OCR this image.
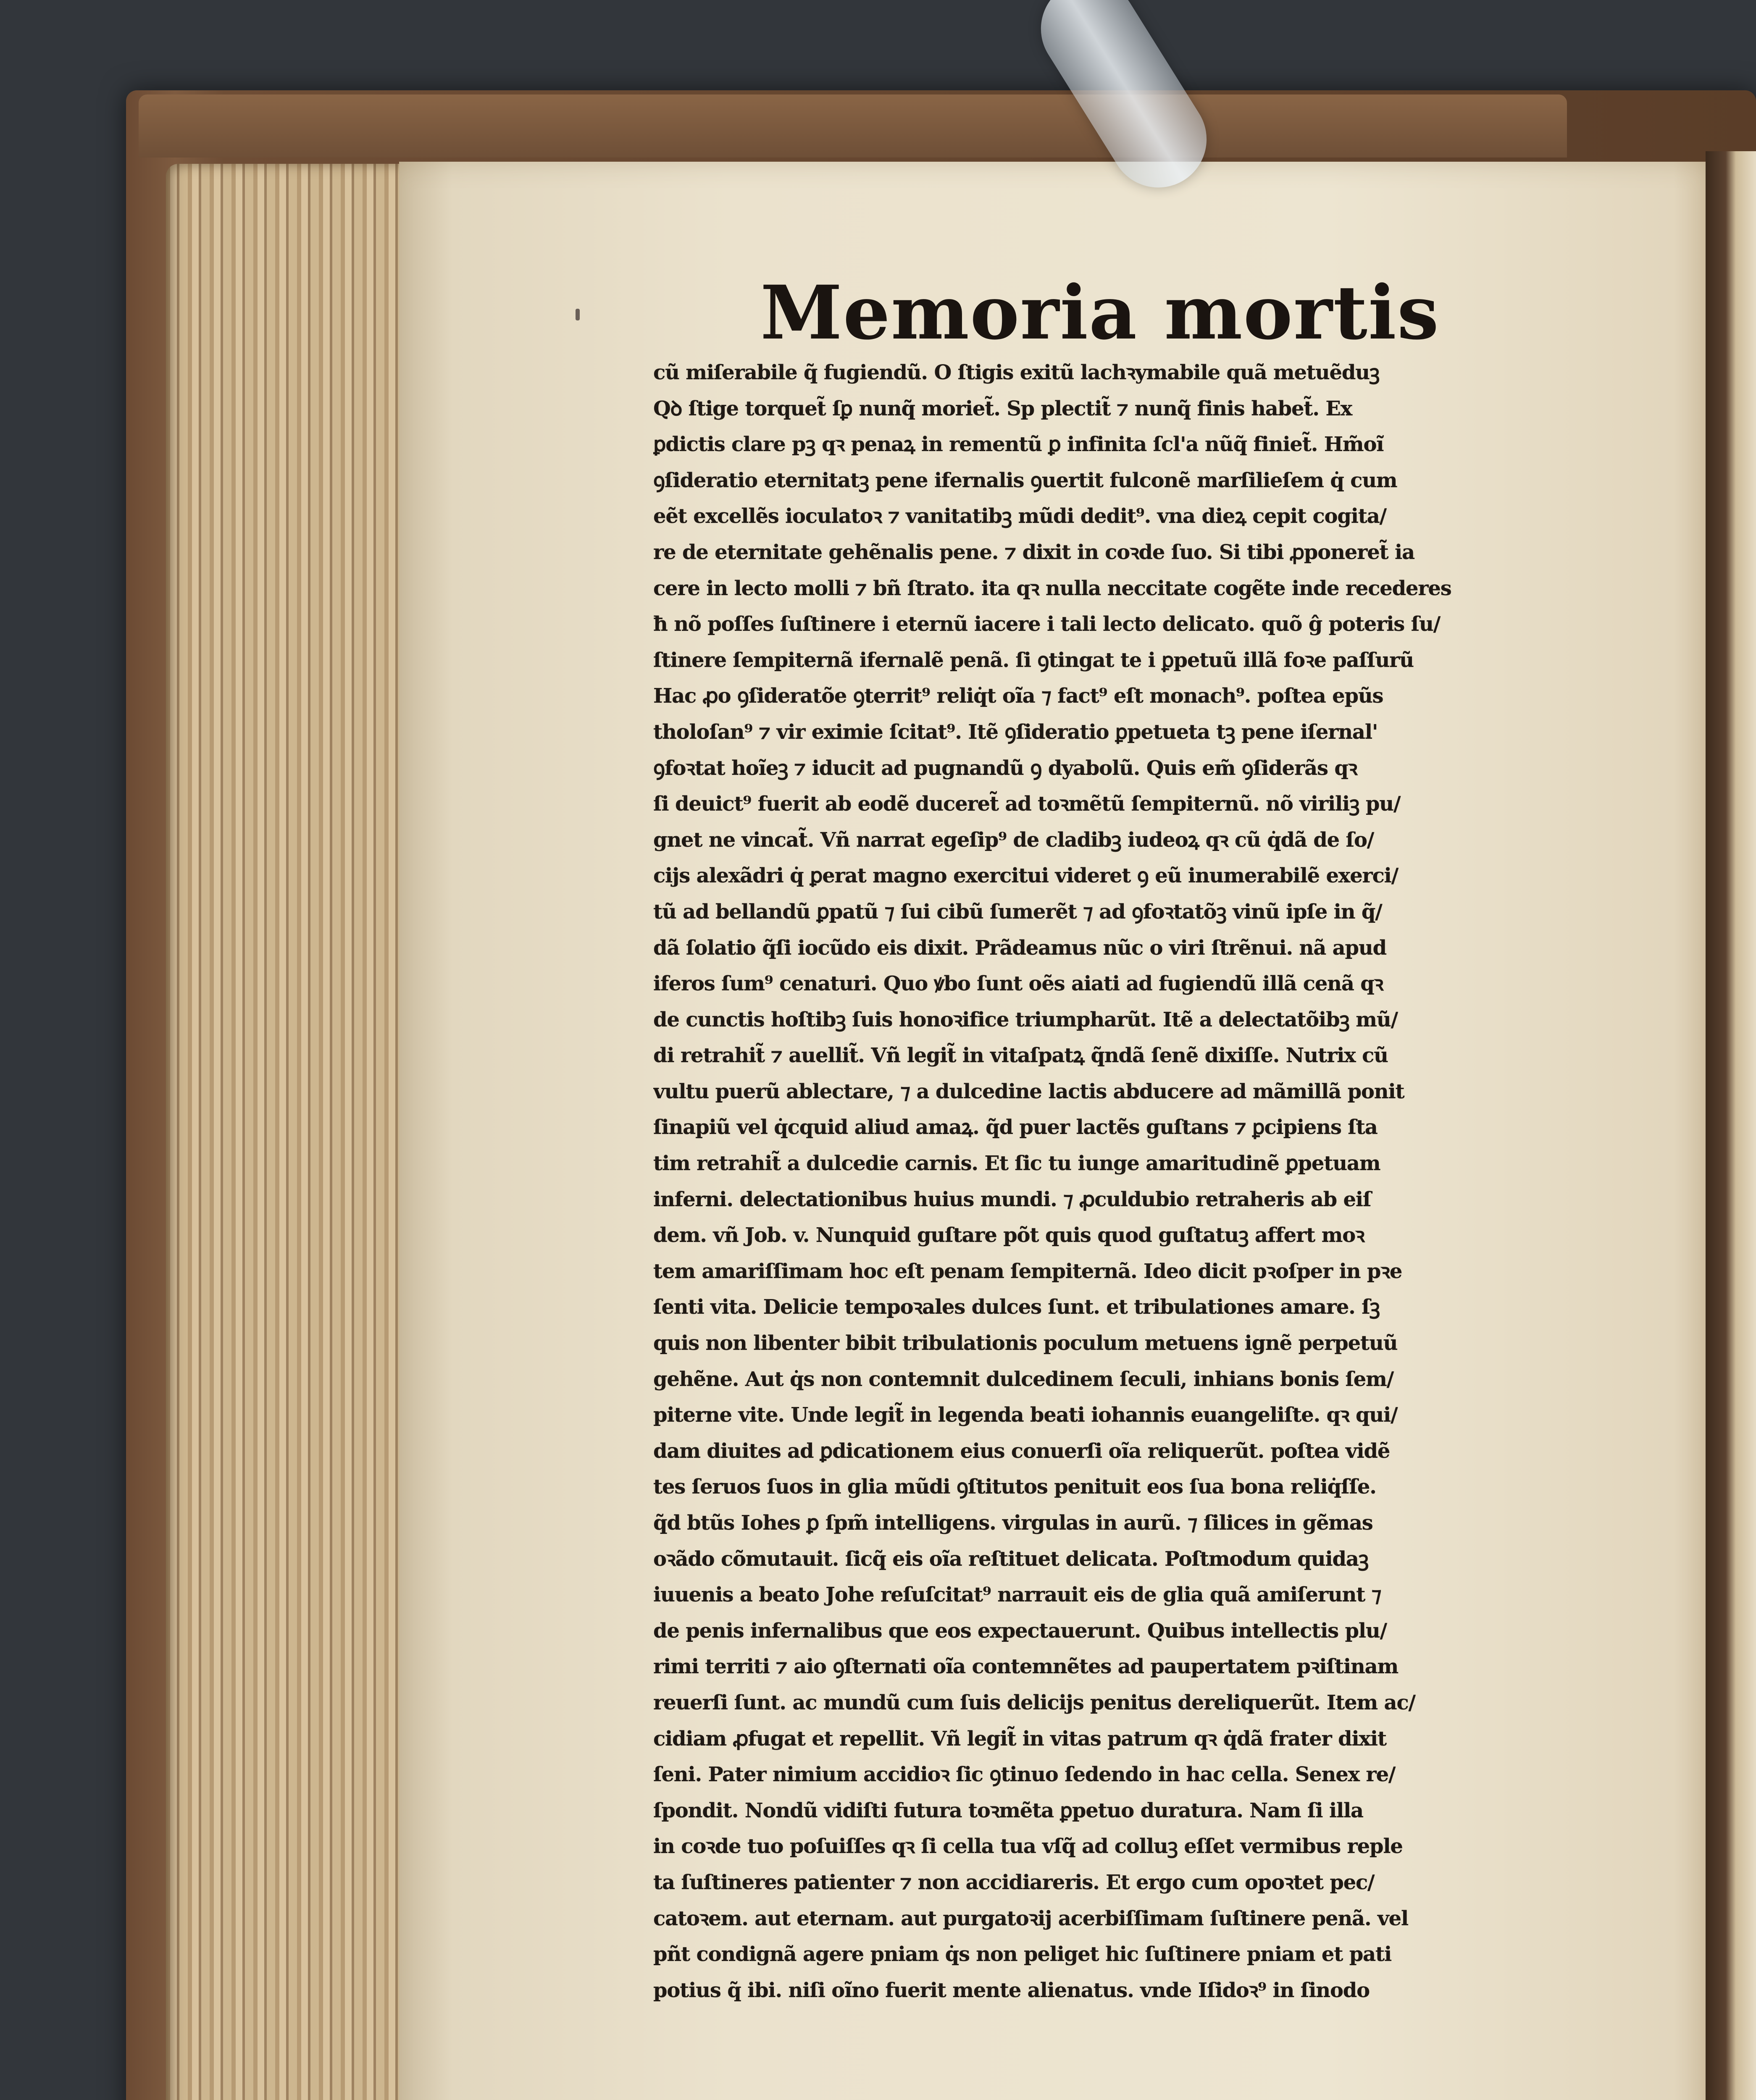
Memoria mortis
cũ miſerabile q̃ fugiendũ. O ſtigis exitũ lachꝛymabile quã metuẽduꝫ
Qꝺ ſtige torquet̃ ſꝑ nunq̃ moriet̃. Sp plectit̃ ⁊ nunq̃ finis habet̃. Ex
ꝑdictis clare pꝫ qꝛ penaꝝ in rementũ ꝑ infinita ſcl'a nũq̃ finiet̃. Hm̃oı̃
ꝯſideratio eternitatꝫ pene ifernalis ꝯuertit fulconẽ marſilieſem q̇ cum
eẽt excellẽs ioculatoꝛ ⁊ vanitatibꝫ mũdi dedit⁹. vna dieꝝ cepit cogita/
re de eternitate gehẽnalis pene. ⁊ dixit in coꝛde ſuo. Si tibi ꝓponeret̃ ia
cere in lecto molli ⁊ bñ ſtrato. ita qꝛ nulla neccitate cogẽte inde recederes
ħ nõ poſſes ſuſtinere i eternũ iacere i tali lecto delicato. quõ ĝ poteris ſu/
ſtinere ſempiternã ifernalẽ penã. ſi ꝯtingat te i ꝑpetuũ illã foꝛe paſſurũ
Hac ꝓo ꝯſideratõe ꝯterrit⁹ reliq̇t oĩa ⁊ fact⁹ eſt monach⁹. poſtea epũs
tholoſan⁹ ⁊ vir eximie ſcitat⁹. Itẽ ꝯſideratio ꝑpetueta tꝫ pene iſernal'
ꝯfoꝛtat hoĩeꝫ ⁊ iducit ad pugnandũ ꝯ dyabolũ. Quis em̃ ꝯſiderãs qꝛ
ſi deuict⁹ fuerit ab eodẽ duceret̃ ad toꝛmẽtũ ſempiternũ. nõ viriliꝫ pu/
gnet ne vincat̃. Vñ narrat egeſip⁹ de cladibꝫ iudeoꝝ qꝛ cũ q̇dã de ſo/
cijs alexãdri q̇ ꝑerat magno exercitui videret ꝯ eũ inumerabilẽ exerci/
tũ ad bellandũ ꝑpatũ ⁊ ſui cibũ ſumerẽt ⁊ ad ꝯfoꝛtatõꝫ vinũ ipſe in q̃/
dã ſolatio q̃ſi iocũdo eis dixit. Prãdeamus nũc o viri ſtrẽnui. nã apud
iferos ſum⁹ cenaturi. Quo ꝟbo ſunt oẽs aiati ad fugiendũ illã cenã qꝛ
de cunctis hoſtibꝫ ſuis honoꝛifice triumpharũt. Itẽ a delectatõibꝫ mũ/
di retrahit̃ ⁊ auellit̃. Vñ legit̃ in vitaſpatꝝ q̃ndã ſenẽ dixiſſe. Nutrix cũ
vultu puerũ ablectare, ⁊ a dulcedine lactis abducere ad mãmillã ponit
ſinapiũ vel q̇cquid aliud amaꝝ. q̃d puer lactẽs guſtans ⁊ ꝑcipiens ſta
tim retrahit̃ a dulcedie carnis. Et ſic tu iunge amaritudinẽ ꝑpetuam
inferni. delectationibus huius mundi. ⁊ ꝓculdubio retraheris ab eiſ
dem. vñ Job. v. Nunquid guſtare põt quis quod guſtatuꝫ affert moꝛ
tem amariſſimam hoc eſt penam ſempiternã. Ideo dicit pꝛoſper in pꝛe
ſenti vita. Delicie tempoꝛales dulces ſunt. et tribulationes amare. ſꝫ
quis non libenter bibit tribulationis poculum metuens ignẽ perpetuũ
gehẽne. Aut q̇s non contemnit dulcedinem ſeculi, inhians bonis ſem/
piterne vite. Unde legit̃ in legenda beati iohannis euangeliſte. qꝛ qui/
dam diuites ad ꝑdicationem eius conuerſi oĩa reliquerũt. poſtea vidẽ
tes ſeruos ſuos in glia mũdi ꝯſtitutos penituit eos ſua bona reliq̇ſſe.
q̃d btũs Iohes ꝑ ſpm̃ intelligens. virgulas in aurũ. ⁊ ſilices in gẽmas
oꝛãdo cõmutauit. ſicq̃ eis oĩa reſtituet delicata. Poſtmodum quidaꝫ
iuuenis a beato Johe reſuſcitat⁹ narrauit eis de glia quã amiſerunt ⁊
de penis infernalibus que eos expectauerunt. Quibus intellectis plu/
rimi territi ⁊ aio ꝯſternati oĩa contemnẽtes ad paupertatem pꝛiſtinam
reuerſi ſunt. ac mundũ cum ſuis delicijs penitus dereliquerũt. Item ac/
cidiam ꝓfugat et repellit. Vñ legit̃ in vitas patrum qꝛ q̇dã frater dixit
ſeni. Pater nimium accidioꝛ ſic ꝯtinuo ſedendo in hac cella. Senex re/
ſpondit. Nondũ vidiſti futura toꝛmẽta ꝑpetuo duratura. Nam ſi illa
in coꝛde tuo poſuiſſes qꝛ ſi cella tua vſq̃ ad colluꝫ eſſet vermibus reple
ta ſuſtineres patienter ⁊ non accidiareris. Et ergo cum opoꝛtet pec/
catoꝛem. aut eternam. aut purgatoꝛij acerbiſſimam ſuſtinere penã. vel
pñt condignã agere pniam q̇s non peliget hic ſuſtinere pniam et pati
potius q̃ ibi. niſi oĩno fuerit mente alienatus. vnde Iſidoꝛ⁹ in ſinodo
